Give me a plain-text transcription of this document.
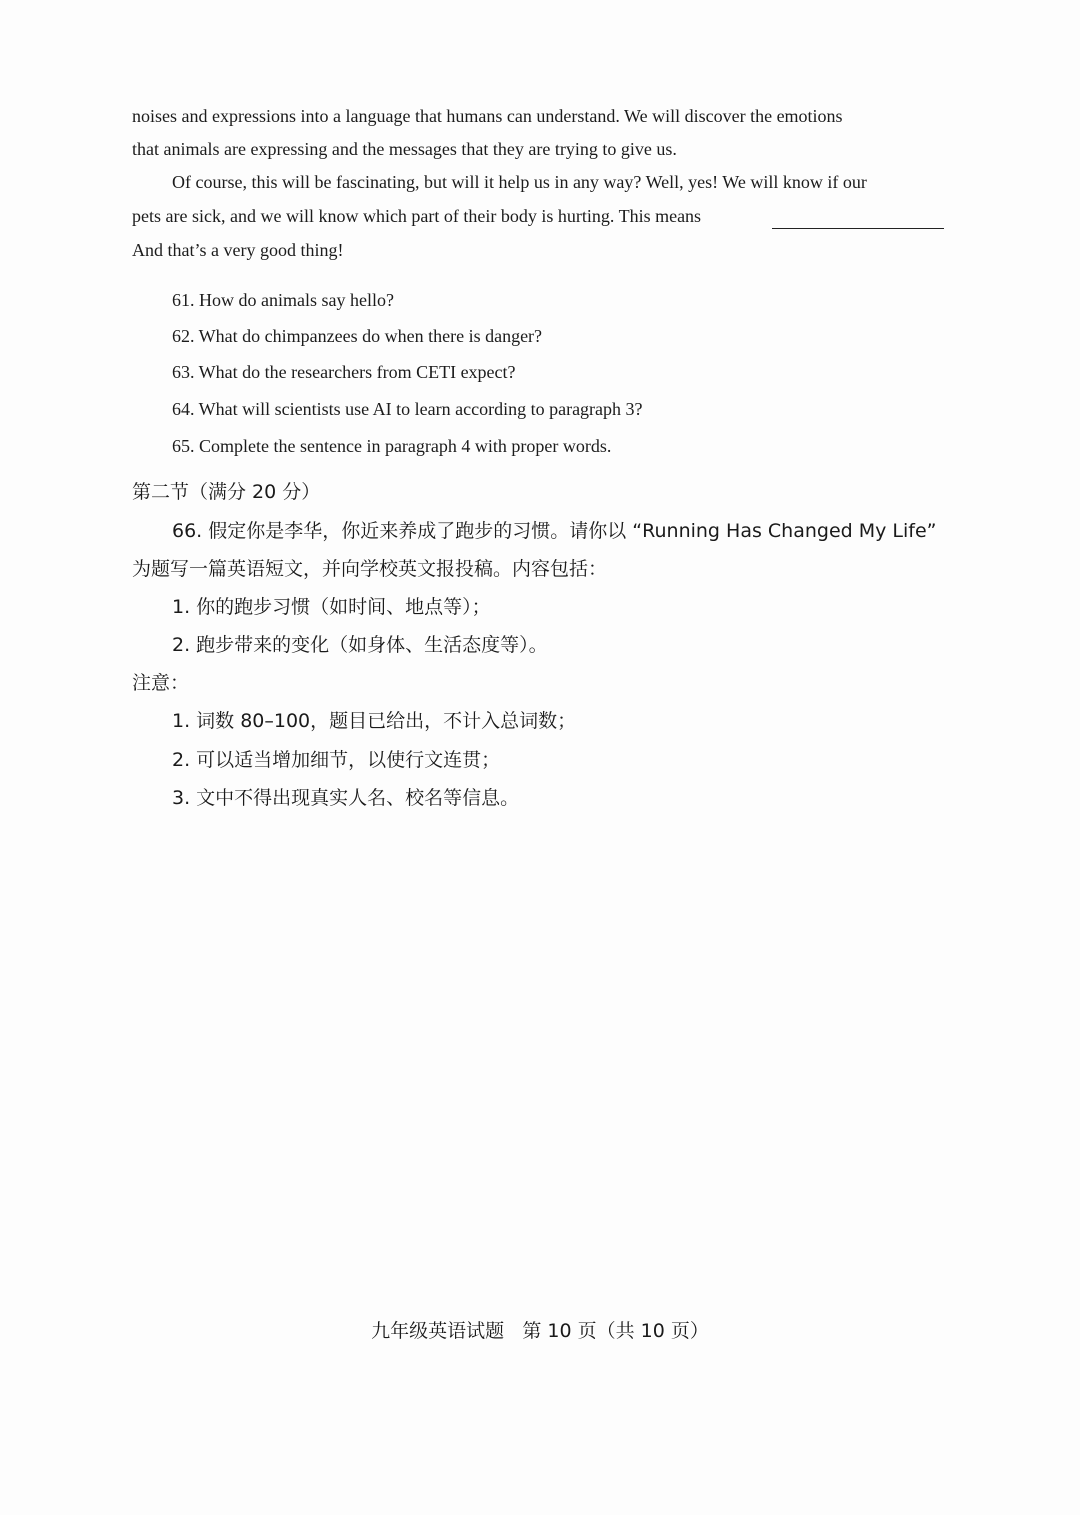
noises and expressions into a language that humans can understand. We will discover the emotions
that animals are expressing and the messages that they are trying to give us.
Of course, this will be fascinating, but will it help us in any way? Well, yes! We will know if our
pets are sick, and we will know which part of their body is hurting. This means
And that’s a very good thing!
61. How do animals say hello?
62. What do chimpanzees do when there is danger?
63. What do the researchers from CETI expect?
64. What will scientists use AI to learn according to paragraph 3?
65. Complete the sentence in paragraph 4 with proper words.
第二节（满分 20 分）
66. 假定你是李华，你近来养成了跑步的习惯。请你以 “Running Has Changed My Life”
为题写一篇英语短文，并向学校英文报投稿。内容包括：
1. 你的跑步习惯（如时间、地点等）；
2. 跑步带来的变化（如身体、生活态度等）。
注意：
1. 词数 80–100，题目已给出，不计入总词数；
2. 可以适当增加细节，以使行文连贯；
3. 文中不得出现真实人名、校名等信息。
九年级英语试题 第 10 页（共 10 页）
